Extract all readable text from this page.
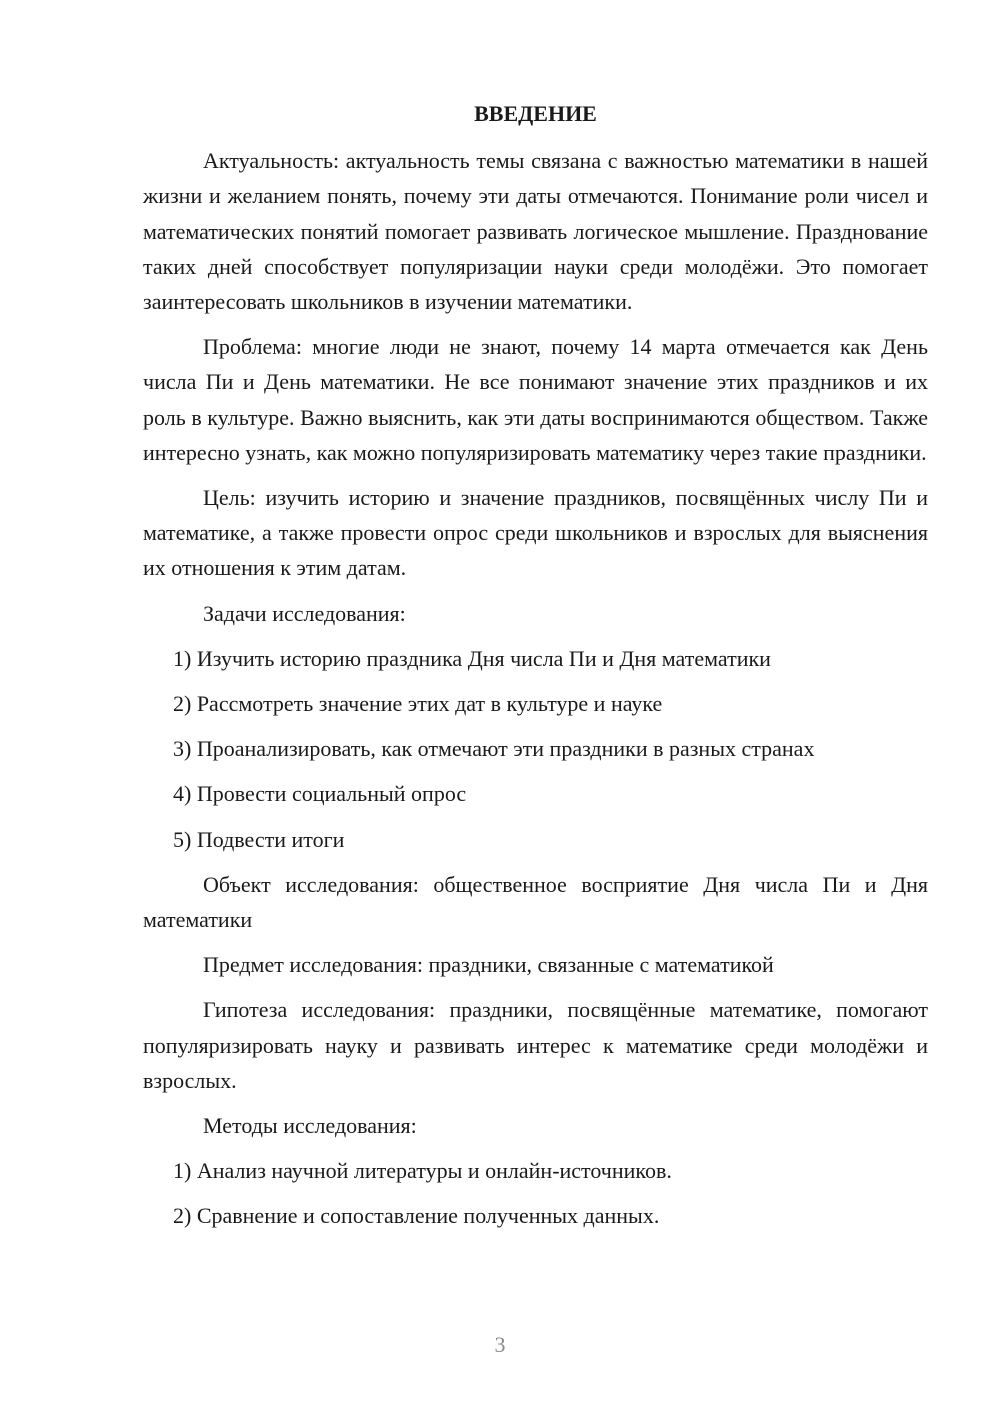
ВВЕДЕНИЕ

Актуальность: актуальность темы связана с важностью математики в нашей жизни и желанием понять, почему эти даты отмечаются. Понимание роли чисел и математических понятий помогает развивать логическое мышление. Празднование таких дней способствует популяризации науки среди молодёжи. Это помогает заинтересовать школьников в изучении математики.

Проблема: многие люди не знают, почему 14 марта отмечается как День числа Пи и День математики. Не все понимают значение этих праздников и их роль в культуре. Важно выяснить, как эти даты воспринимаются обществом. Также интересно узнать, как можно популяризировать математику через такие праздники.

Цель: изучить историю и значение праздников, посвящённых числу Пи и математике, а также провести опрос среди школьников и взрослых для выяснения их отношения к этим датам.

Задачи исследования:

1) Изучить историю праздника Дня числа Пи и Дня математики
2) Рассмотреть значение этих дат в культуре и науке
3) Проанализировать, как отмечают эти праздники в разных странах
4) Провести социальный опрос
5) Подвести итоги

Объект исследования: общественное восприятие Дня числа Пи и Дня математики

Предмет исследования: праздники, связанные с математикой

Гипотеза исследования: праздники, посвящённые математике, помогают популяризировать науку и развивать интерес к математике среди молодёжи и взрослых.

Методы исследования:

1) Анализ научной литературы и онлайн-источников.
2) Сравнение и сопоставление полученных данных.
3
